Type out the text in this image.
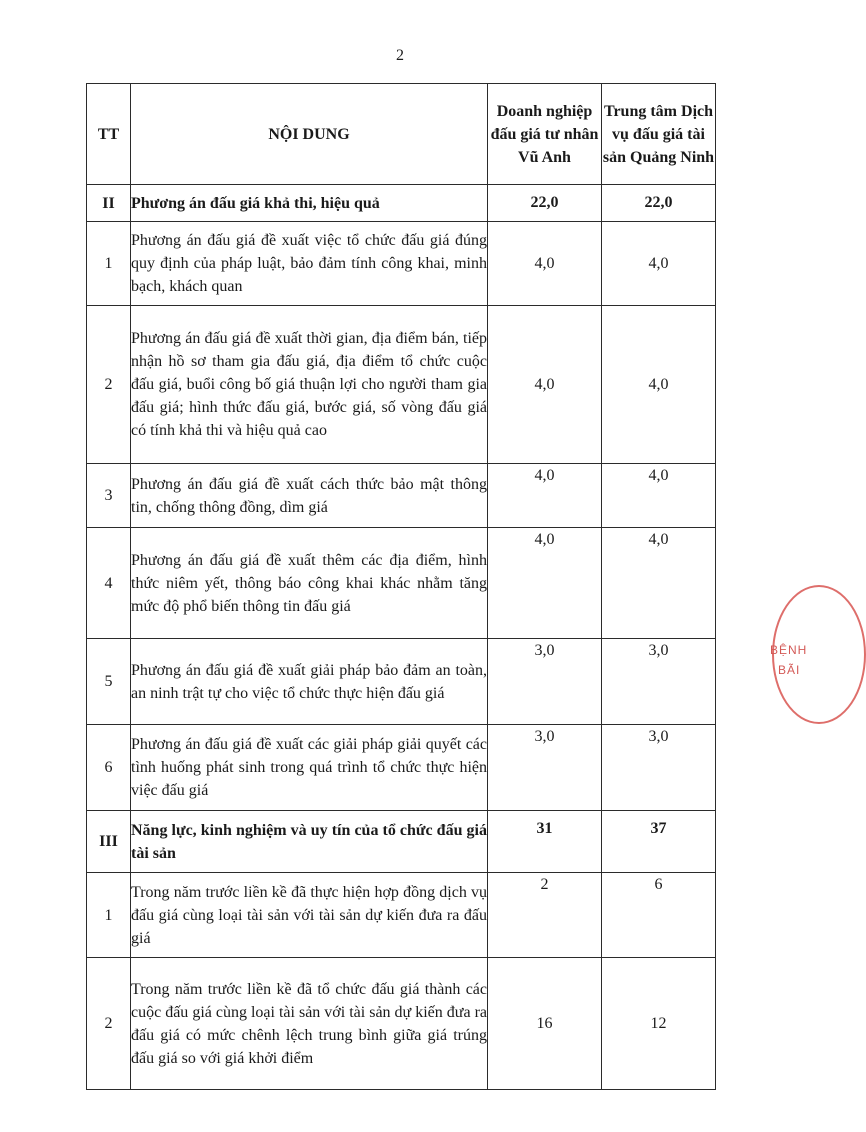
2
TT	NỘI DUNG	Doanh nghiệp đấu giá tư nhân Vũ Anh	Trung tâm Dịch vụ đấu giá tài sản Quảng Ninh
II	Phương án đấu giá khả thi, hiệu quả	22,0	22,0
1	Phương án đấu giá đề xuất việc tổ chức đấu giá đúng quy định của pháp luật, bảo đảm tính công khai, minh bạch, khách quan	4,0	4,0
2	Phương án đấu giá đề xuất thời gian, địa điểm bán, tiếp nhận hồ sơ tham gia đấu giá, địa điểm tổ chức cuộc đấu giá, buổi công bố giá thuận lợi cho người tham gia đấu giá; hình thức đấu giá, bước giá, số vòng đấu giá có tính khả thi và hiệu quả cao	4,0	4,0
3	Phương án đấu giá đề xuất cách thức bảo mật thông tin, chống thông đồng, dìm giá	4,0	4,0
4	Phương án đấu giá đề xuất thêm các địa điểm, hình thức niêm yết, thông báo công khai khác nhằm tăng mức độ phổ biến thông tin đấu giá	4,0	4,0
5	Phương án đấu giá đề xuất giải pháp bảo đảm an toàn, an ninh trật tự cho việc tổ chức thực hiện đấu giá	3,0	3,0
6	Phương án đấu giá đề xuất các giải pháp giải quyết các tình huống phát sinh trong quá trình tổ chức thực hiện việc đấu giá	3,0	3,0
III	Năng lực, kinh nghiệm và uy tín của tổ chức đấu giá tài sản	31	37
1	Trong năm trước liền kề đã thực hiện hợp đồng dịch vụ đấu giá cùng loại tài sản với tài sản dự kiến đưa ra đấu giá	2	6
2	Trong năm trước liền kề đã tổ chức đấu giá thành các cuộc đấu giá cùng loại tài sản với tài sản dự kiến đưa ra đấu giá có mức chênh lệch trung bình giữa giá trúng đấu giá so với giá khởi điểm	16	12
BỆNH
BÃI
